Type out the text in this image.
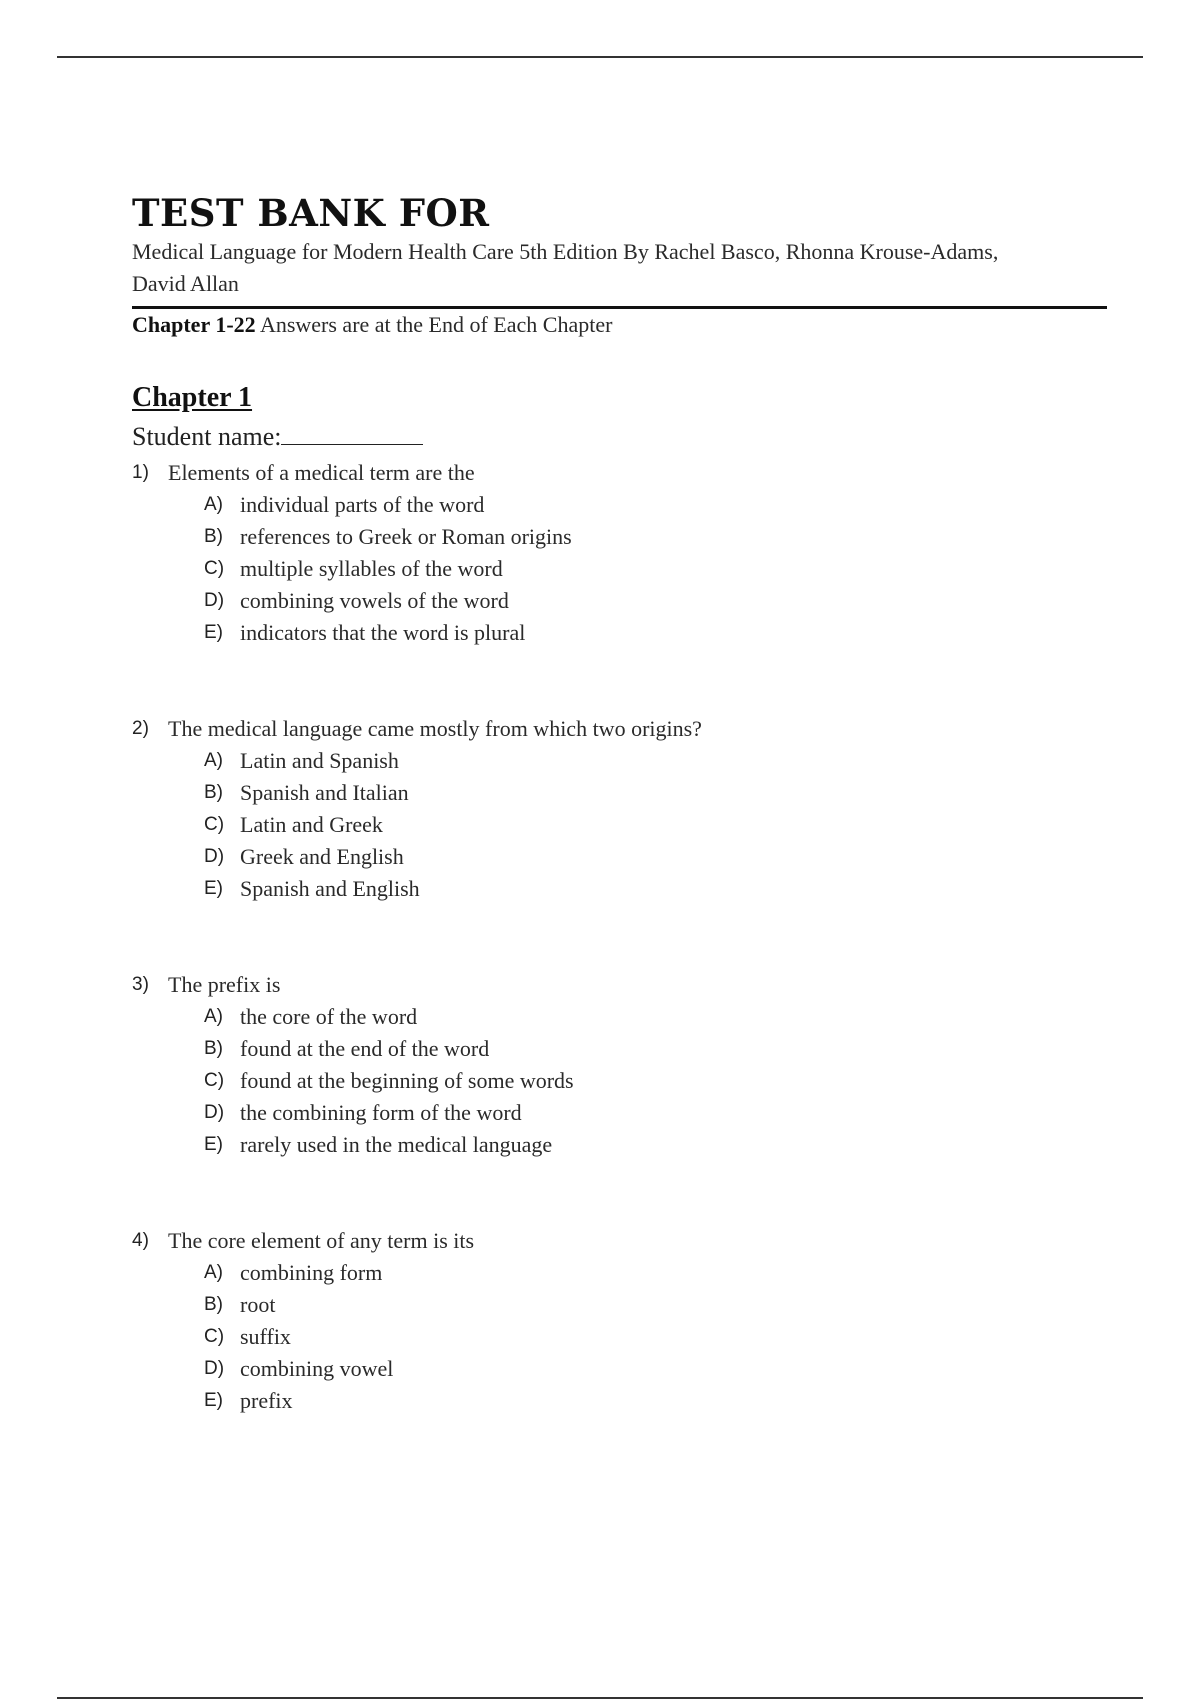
TEST BANK FOR
Medical Language for Modern Health Care 5th Edition By Rachel Basco, Rhonna Krouse-Adams,
David Allan
Chapter 1-22 Answers are at the End of Each Chapter
Chapter 1
Student name:
1) Elements of a medical term are the
A) individual parts of the word
B) references to Greek or Roman origins
C) multiple syllables of the word
D) combining vowels of the word
E) indicators that the word is plural
2) The medical language came mostly from which two origins?
A) Latin and Spanish
B) Spanish and Italian
C) Latin and Greek
D) Greek and English
E) Spanish and English
3) The prefix is
A) the core of the word
B) found at the end of the word
C) found at the beginning of some words
D) the combining form of the word
E) rarely used in the medical language
4) The core element of any term is its
A) combining form
B) root
C) suffix
D) combining vowel
E) prefix
